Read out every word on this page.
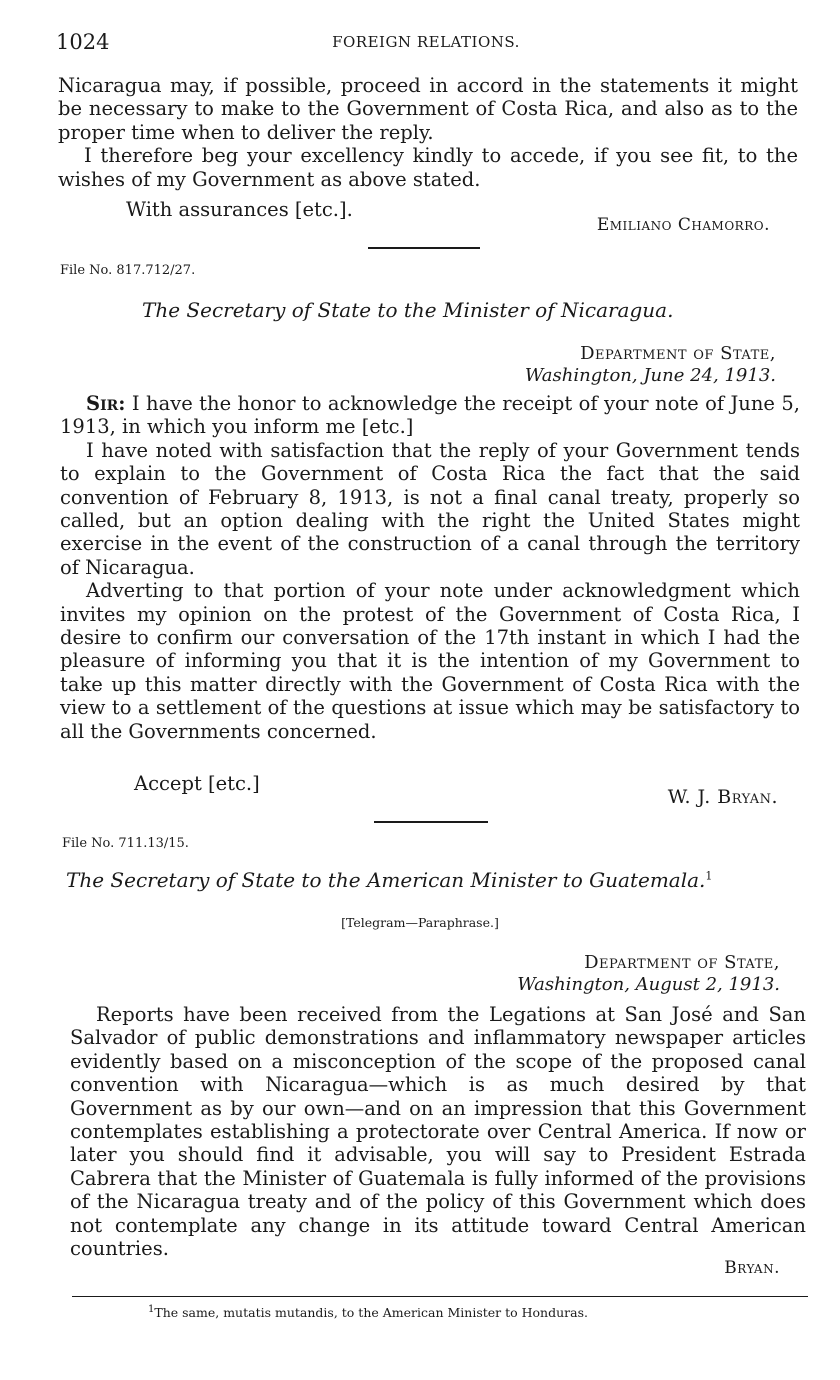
1024	FOREIGN RELATIONS.

Nicaragua may, if possible, proceed in accord in the statements it might be necessary to make to the Government of Costa Rica, and also as to the proper time when to deliver the reply.

I therefore beg your excellency kindly to accede, if you see fit, to the wishes of my Government as above stated.

With assurances [etc.].
Emiliano Chamorro.
File No. 817.712/27.
The Secretary of State to the Minister of Nicaragua.
Department of State,
Washington, June 24, 1913.

Sir: I have the honor to acknowledge the receipt of your note of June 5, 1913, in which you inform me [etc.]

I have noted with satisfaction that the reply of your Government tends to explain to the Government of Costa Rica the fact that the said convention of February 8, 1913, is not a final canal treaty, properly so called, but an option dealing with the right the United States might exercise in the event of the construction of a canal through the territory of Nicaragua.

Adverting to that portion of your note under acknowledgment which invites my opinion on the protest of the Government of Costa Rica, I desire to confirm our conversation of the 17th instant in which I had the pleasure of informing you that it is the intention of my Government to take up this matter directly with the Government of Costa Rica with the view to a settlement of the questions at issue which may be satisfactory to all the Governments concerned.

Accept [etc.]
W. J. Bryan.
File No. 711.13/15.
The Secretary of State to the American Minister to Guatemala.$^1$
[Telegram—Paraphrase.]
Department of State,
Washington, August 2, 1913.

Reports have been received from the Legations at San José and San Salvador of public demonstrations and inflammatory newspaper articles evidently based on a misconception of the scope of the proposed canal convention with Nicaragua—which is as much desired by that Government as by our own—and on an impression that this Government contemplates establishing a protectorate over Central America. If now or later you should find it advisable, you will say to President Estrada Cabrera that the Minister of Guatemala is fully informed of the provisions of the Nicaragua treaty and of the policy of this Government which does not contemplate any change in its attitude toward Central American countries.

Bryan.
$^1$The same, mutatis mutandis, to the American Minister to Honduras.
